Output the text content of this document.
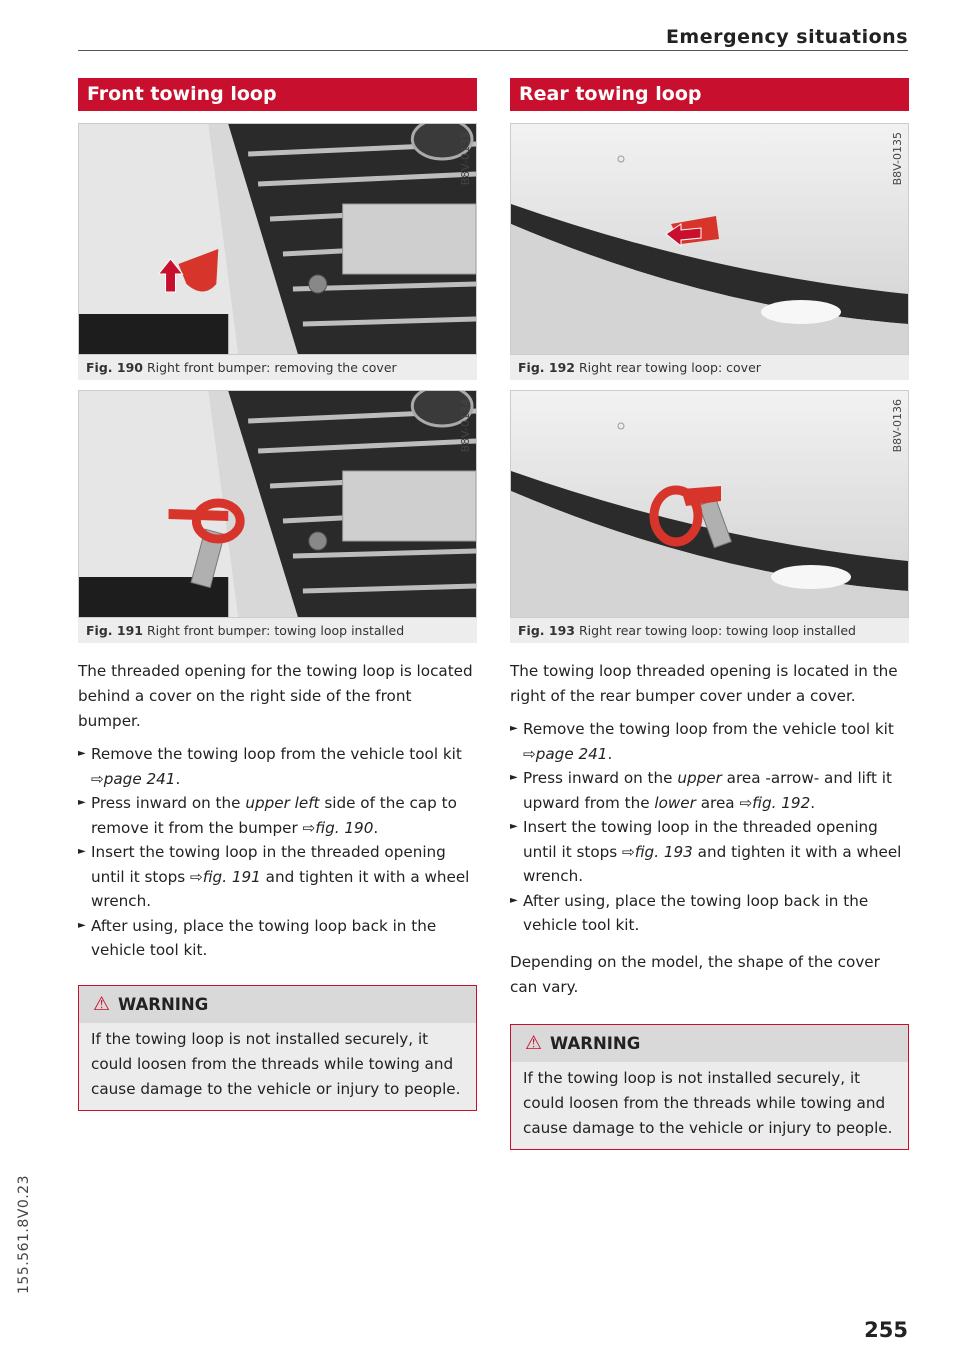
Emergency situations
Front towing loop
B8V-0133
Fig. 190 Right front bumper: removing the cover
B8V-0134
Fig. 191 Right front bumper: towing loop installed
The threaded opening for the towing loop is located behind a cover on the right side of the front bumper.
► Remove the towing loop from the vehicle tool kit ⇨page 241.
► Press inward on the upper left side of the cap to remove it from the bumper ⇨fig. 190.
► Insert the towing loop in the threaded opening until it stops ⇨fig. 191 and tighten it with a wheel wrench.
► After using, place the towing loop back in the vehicle tool kit.
⚠ WARNING
If the towing loop is not installed securely, it could loosen from the threads while towing and cause damage to the vehicle or injury to people.
Rear towing loop
B8V-0135
Fig. 192 Right rear towing loop: cover
B8V-0136
Fig. 193 Right rear towing loop: towing loop installed
The towing loop threaded opening is located in the right of the rear bumper cover under a cover.
► Remove the towing loop from the vehicle tool kit ⇨page 241.
► Press inward on the upper area -arrow- and lift it upward from the lower area ⇨fig. 192.
► Insert the towing loop in the threaded opening until it stops ⇨fig. 193 and tighten it with a wheel wrench.
► After using, place the towing loop back in the vehicle tool kit.
Depending on the model, the shape of the cover can vary.
⚠ WARNING
If the towing loop is not installed securely, it could loosen from the threads while towing and cause damage to the vehicle or injury to people.
155.561.8V0.23
255
